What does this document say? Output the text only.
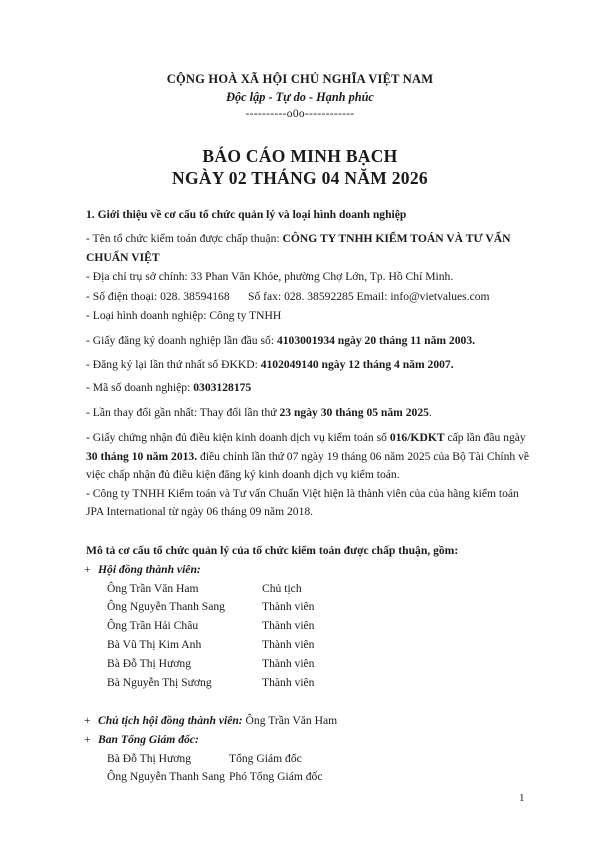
CỘNG HOÀ XÃ HỘI CHỦ NGHĨA VIỆT NAM
Độc lập - Tự do - Hạnh phúc
----------o0o------------
BÁO CÁO MINH BẠCH
NGÀY 02 THÁNG 04 NĂM 2026
1. Giới thiệu về cơ cấu tổ chức quản lý và loại hình doanh nghiệp
- Tên tổ chức kiểm toán được chấp thuận: CÔNG TY TNHH KIỂM TOÁN VÀ TƯ VẤN
CHUẨN VIỆT
- Địa chỉ trụ sở chính: 33 Phan Văn Khỏe, phường Chợ Lớn, Tp. Hồ Chí Minh.
- Số điện thoại: 028. 38594168 Số fax: 028. 38592285 Email: info@vietvalues.com
- Loại hình doanh nghiệp: Công ty TNHH
- Giấy đăng ký doanh nghiệp lần đầu số: 4103001934 ngày 20 tháng 11 năm 2003.
- Đăng ký lại lần thứ nhất số ĐKKD: 4102049140 ngày 12 tháng 4 năm 2007.
- Mã số doanh nghiệp: 0303128175
- Lần thay đổi gần nhất: Thay đổi lần thứ 23 ngày 30 tháng 05 năm 2025.
- Giấy chứng nhận đủ điều kiện kinh doanh dịch vụ kiểm toán số 016/KDKT cấp lần đầu ngày
30 tháng 10 năm 2013. điều chỉnh lần thứ 07 ngày 19 tháng 06 năm 2025 của Bộ Tài Chính về
việc chấp nhận đủ điều kiện đăng ký kinh doanh dịch vụ kiểm toán.
- Công ty TNHH Kiểm toán và Tư vấn Chuẩn Việt hiện là thành viên của của hãng kiểm toán
JPA International từ ngày 06 tháng 09 năm 2018.
Mô tả cơ cấu tổ chức quản lý của tổ chức kiểm toán được chấp thuận, gồm:
+ Hội đồng thành viên:
Ông Trần Văn Ham	Chủ tịch
Ông Nguyễn Thanh Sang	Thành viên
Ông Trần Hải Châu	Thành viên
Bà Vũ Thị Kim Anh	Thành viên
Bà Đỗ Thị Hương	Thành viên
Bà Nguyễn Thị Sương	Thành viên
+ Chủ tịch hội đồng thành viên: Ông Trần Văn Ham
+ Ban Tổng Giám đốc:
Bà Đỗ Thị Hương	Tổng Giám đốc
Ông Nguyễn Thanh Sang Phó Tổng Giám đốc
1
